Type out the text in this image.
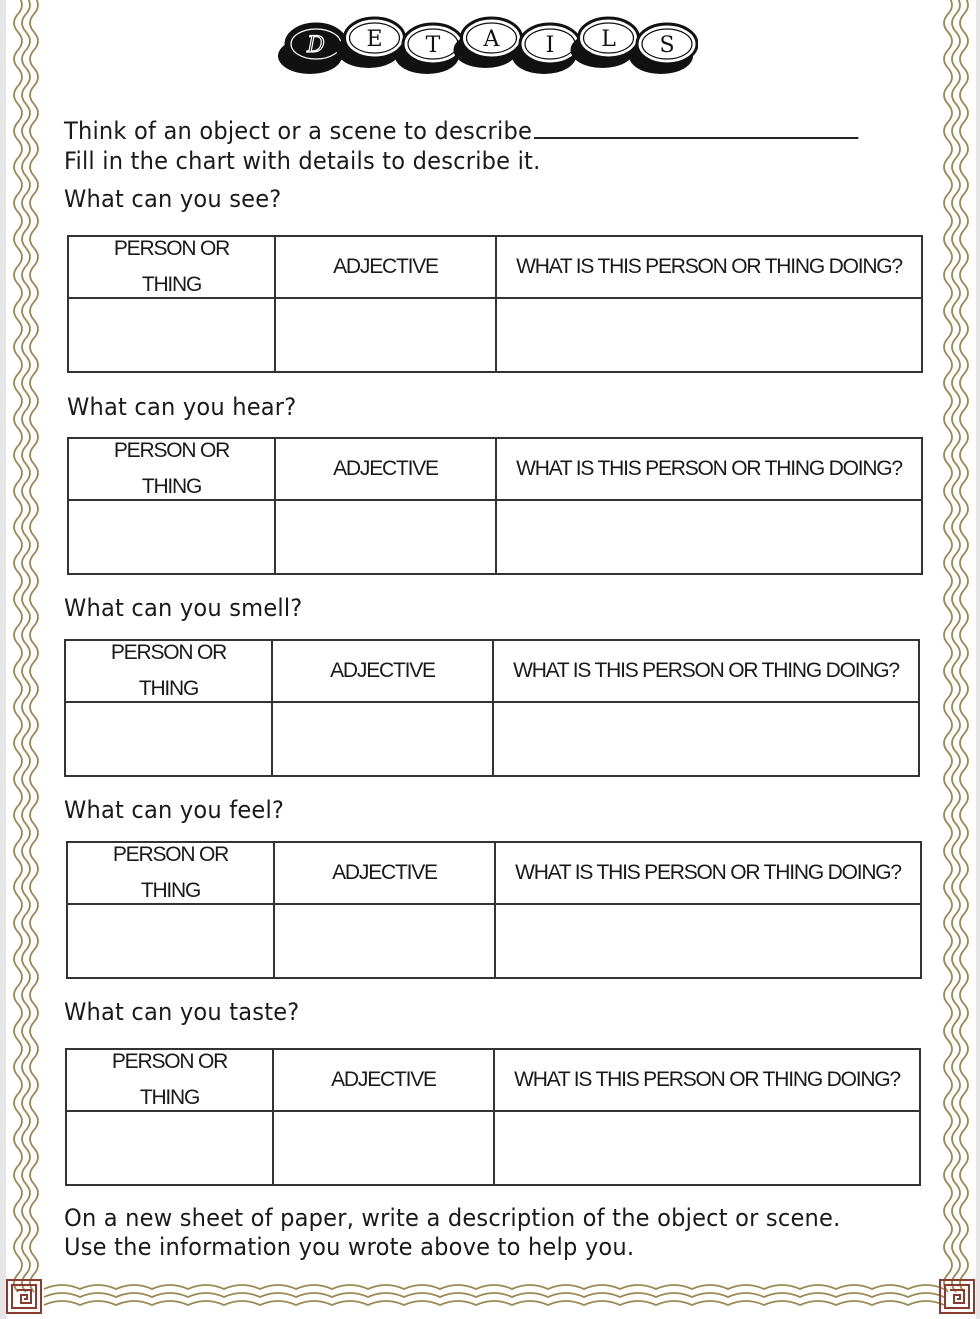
D E T A I L S
Think of an object or a scene to describe
Fill in the chart with details to describe it.
What can you see?
PERSON OR
THING	ADJECTIVE	WHAT IS THIS PERSON OR THING DOING?

What can you hear?
PERSON OR
THING	ADJECTIVE	WHAT IS THIS PERSON OR THING DOING?

What can you smell?
PERSON OR
THING	ADJECTIVE	WHAT IS THIS PERSON OR THING DOING?

What can you feel?
PERSON OR
THING	ADJECTIVE	WHAT IS THIS PERSON OR THING DOING?

What can you taste?
PERSON OR
THING	ADJECTIVE	WHAT IS THIS PERSON OR THING DOING?

On a new sheet of paper, write a description of the object or scene.
Use the information you wrote above to help you.
